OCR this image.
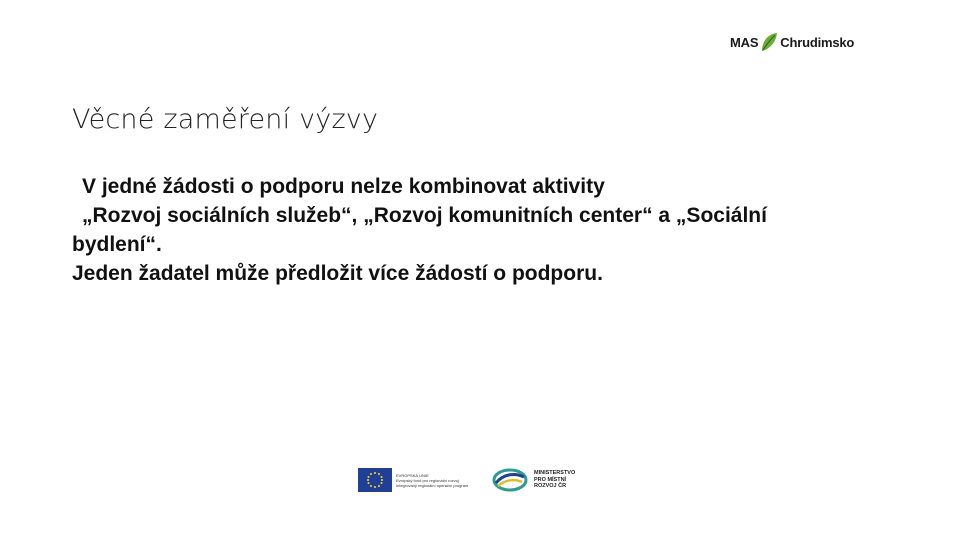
MAS Chrudimsko
Věcné zaměření výzvy

V jedné žádosti o podporu nelze kombinovat aktivity

„Rozvoj sociálních služeb“, „Rozvoj komunitních center“ a „Sociální

bydlení“.

Jeden žadatel může předložit více žádostí o podporu.

EVROPSKÁ UNIE
Evropský fond pro regionální rozvoj
Integrovaný regionální operační program
MINISTERSTVO
PRO MÍSTNÍ
ROZVOJ ČR
